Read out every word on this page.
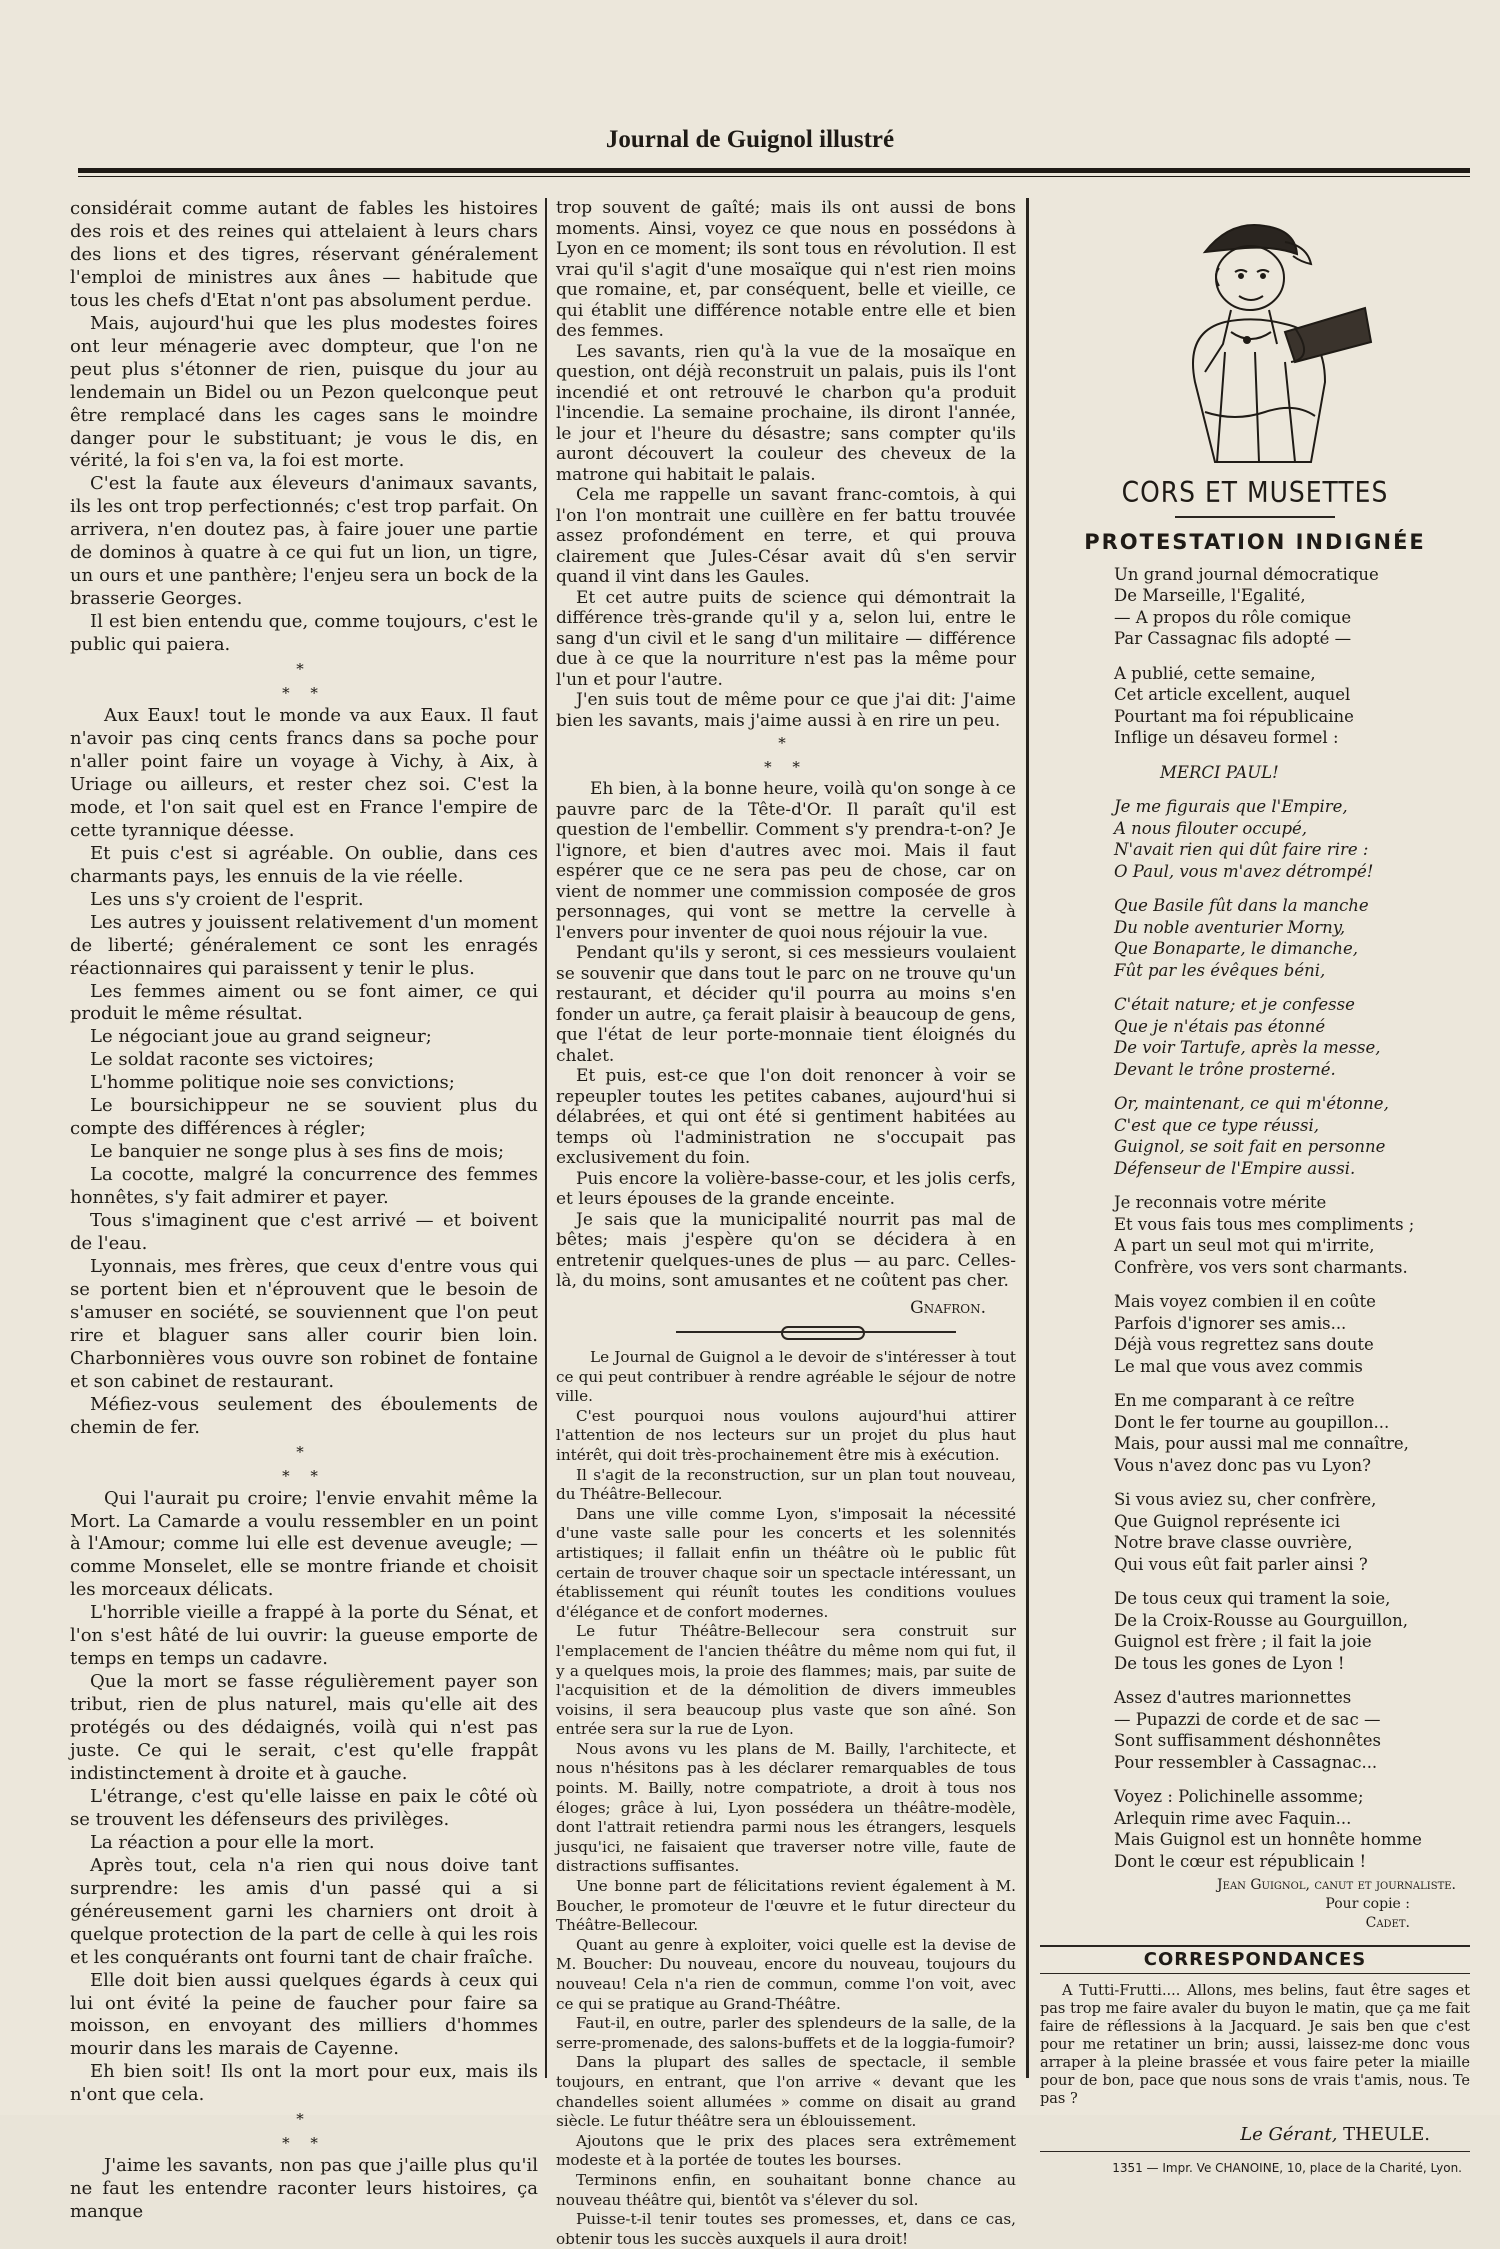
Journal de Guignol illustré

considérait comme autant de fables les histoires des rois et des reines qui attelaient à leurs chars des lions et des tigres, réservant généralement l'emploi de ministres aux ânes — habitude que tous les chefs d'Etat n'ont pas absolument perdue.

Mais, aujourd'hui que les plus modestes foires ont leur ménagerie avec dompteur, que l'on ne peut plus s'étonner de rien, puisque du jour au lendemain un Bidel ou un Pezon quelconque peut être remplacé dans les cages sans le moindre danger pour le substituant; je vous le dis, en vérité, la foi s'en va, la foi est morte.

C'est la faute aux éleveurs d'animaux savants, ils les ont trop perfectionnés; c'est trop parfait. On arrivera, n'en doutez pas, à faire jouer une partie de dominos à quatre à ce qui fut un lion, un tigre, un ours et une panthère; l'enjeu sera un bock de la brasserie Georges.

Il est bien entendu que, comme toujours, c'est le public qui paiera.

*
* *

Aux Eaux! tout le monde va aux Eaux. Il faut n'avoir pas cinq cents francs dans sa poche pour n'aller point faire un voyage à Vichy, à Aix, à Uriage ou ailleurs, et rester chez soi. C'est la mode, et l'on sait quel est en France l'empire de cette tyrannique déesse.

Et puis c'est si agréable. On oublie, dans ces charmants pays, les ennuis de la vie réelle.

Les uns s'y croient de l'esprit.

Les autres y jouissent relativement d'un moment de liberté; généralement ce sont les enragés réactionnaires qui paraissent y tenir le plus.

Les femmes aiment ou se font aimer, ce qui produit le même résultat.

Le négociant joue au grand seigneur;

Le soldat raconte ses victoires;

L'homme politique noie ses convictions;

Le boursichippeur ne se souvient plus du compte des différences à régler;

Le banquier ne songe plus à ses fins de mois;

La cocotte, malgré la concurrence des femmes honnêtes, s'y fait admirer et payer.

Tous s'imaginent que c'est arrivé — et boivent de l'eau.

Lyonnais, mes frères, que ceux d'entre vous qui se portent bien et n'éprouvent que le besoin de s'amuser en société, se souviennent que l'on peut rire et blaguer sans aller courir bien loin. Charbonnières vous ouvre son robinet de fontaine et son cabinet de restaurant.

Méfiez-vous seulement des éboulements de chemin de fer.

*
* *

Qui l'aurait pu croire; l'envie envahit même la Mort. La Camarde a voulu ressembler en un point à l'Amour; comme lui elle est devenue aveugle; — comme Monselet, elle se montre friande et choisit les morceaux délicats.

L'horrible vieille a frappé à la porte du Sénat, et l'on s'est hâté de lui ouvrir: la gueuse emporte de temps en temps un cadavre.

Que la mort se fasse régulièrement payer son tribut, rien de plus naturel, mais qu'elle ait des protégés ou des dédaignés, voilà qui n'est pas juste. Ce qui le serait, c'est qu'elle frappât indistinctement à droite et à gauche.

L'étrange, c'est qu'elle laisse en paix le côté où se trouvent les défenseurs des privilèges.

La réaction a pour elle la mort.

Après tout, cela n'a rien qui nous doive tant surprendre: les amis d'un passé qui a si généreusement garni les charniers ont droit à quelque protection de la part de celle à qui les rois et les conquérants ont fourni tant de chair fraîche.

Elle doit bien aussi quelques égards à ceux qui lui ont évité la peine de faucher pour faire sa moisson, en envoyant des milliers d'hommes mourir dans les marais de Cayenne.

Eh bien soit! Ils ont la mort pour eux, mais ils n'ont que cela.

*
* *

J'aime les savants, non pas que j'aille plus qu'il ne faut les entendre raconter leurs histoires, ça manque

trop souvent de gaîté; mais ils ont aussi de bons moments. Ainsi, voyez ce que nous en possédons à Lyon en ce moment; ils sont tous en révolution. Il est vrai qu'il s'agit d'une mosaïque qui n'est rien moins que romaine, et, par conséquent, belle et vieille, ce qui établit une différence notable entre elle et bien des femmes.

Les savants, rien qu'à la vue de la mosaïque en question, ont déjà reconstruit un palais, puis ils l'ont incendié et ont retrouvé le charbon qu'a produit l'incendie. La semaine prochaine, ils diront l'année, le jour et l'heure du désastre; sans compter qu'ils auront découvert la couleur des cheveux de la matrone qui habitait le palais.

Cela me rappelle un savant franc-comtois, à qui l'on l'on montrait une cuillère en fer battu trouvée assez profondément en terre, et qui prouva clairement que Jules-César avait dû s'en servir quand il vint dans les Gaules.

Et cet autre puits de science qui démontrait la différence très-grande qu'il y a, selon lui, entre le sang d'un civil et le sang d'un militaire — différence due à ce que la nourriture n'est pas la même pour l'un et pour l'autre.

J'en suis tout de même pour ce que j'ai dit: J'aime bien les savants, mais j'aime aussi à en rire un peu.

*
* *

Eh bien, à la bonne heure, voilà qu'on songe à ce pauvre parc de la Tête-d'Or. Il paraît qu'il est question de l'embellir. Comment s'y prendra-t-on? Je l'ignore, et bien d'autres avec moi. Mais il faut espérer que ce ne sera pas peu de chose, car on vient de nommer une commission composée de gros personnages, qui vont se mettre la cervelle à l'envers pour inventer de quoi nous réjouir la vue.

Pendant qu'ils y seront, si ces messieurs voulaient se souvenir que dans tout le parc on ne trouve qu'un restaurant, et décider qu'il pourra au moins s'en fonder un autre, ça ferait plaisir à beaucoup de gens, que l'état de leur porte-monnaie tient éloignés du chalet.

Et puis, est-ce que l'on doit renoncer à voir se repeupler toutes les petites cabanes, aujourd'hui si délabrées, et qui ont été si gentiment habitées au temps où l'administration ne s'occupait pas exclusivement du foin.

Puis encore la volière-basse-cour, et les jolis cerfs, et leurs épouses de la grande enceinte.

Je sais que la municipalité nourrit pas mal de bêtes; mais j'espère qu'on se décidera à en entretenir quelques-unes de plus — au parc. Celles-là, du moins, sont amusantes et ne coûtent pas cher.

Gnafron.

Le Journal de Guignol a le devoir de s'intéresser à tout ce qui peut contribuer à rendre agréable le séjour de notre ville.

C'est pourquoi nous voulons aujourd'hui attirer l'attention de nos lecteurs sur un projet du plus haut intérêt, qui doit très-prochainement être mis à exécution.

Il s'agit de la reconstruction, sur un plan tout nouveau, du Théâtre-Bellecour.

Dans une ville comme Lyon, s'imposait la nécessité d'une vaste salle pour les concerts et les solennités artistiques; il fallait enfin un théâtre où le public fût certain de trouver chaque soir un spectacle intéressant, un établissement qui réunît toutes les conditions voulues d'élégance et de confort modernes.

Le futur Théâtre-Bellecour sera construit sur l'emplacement de l'ancien théâtre du même nom qui fut, il y a quelques mois, la proie des flammes; mais, par suite de l'acquisition et de la démolition de divers immeubles voisins, il sera beaucoup plus vaste que son aîné. Son entrée sera sur la rue de Lyon.

Nous avons vu les plans de M. Bailly, l'architecte, et nous n'hésitons pas à les déclarer remarquables de tous points. M. Bailly, notre compatriote, a droit à tous nos éloges; grâce à lui, Lyon possédera un théâtre-modèle, dont l'attrait retiendra parmi nous les étrangers, lesquels jusqu'ici, ne faisaient que traverser notre ville, faute de distractions suffisantes.

Une bonne part de félicitations revient également à M. Boucher, le promoteur de l'œuvre et le futur directeur du Théâtre-Bellecour.

Quant au genre à exploiter, voici quelle est la devise de M. Boucher: Du nouveau, encore du nouveau, toujours du nouveau! Cela n'a rien de commun, comme l'on voit, avec ce qui se pratique au Grand-Théâtre.

Faut-il, en outre, parler des splendeurs de la salle, de la serre-promenade, des salons-buffets et de la loggia-fumoir?

Dans la plupart des salles de spectacle, il semble toujours, en entrant, que l'on arrive « devant que les chandelles soient allumées » comme on disait au grand siècle. Le futur théâtre sera un éblouissement.

Ajoutons que le prix des places sera extrêmement modeste et à la portée de toutes les bourses.

Terminons enfin, en souhaitant bonne chance au nouveau théâtre qui, bientôt va s'élever du sol.

Puisse-t-il tenir toutes ses promesses, et, dans ce cas, obtenir tous les succès auxquels il aura droit!

CORS ET MUSETTES
PROTESTATION INDIGNÉE
Un grand journal démocratique
De Marseille, l'Egalité,
— A propos du rôle comique
Par Cassagnac fils adopté —
A publié, cette semaine,
Cet article excellent, auquel
Pourtant ma foi républicaine
Inflige un désaveu formel :
MERCI PAUL!
Je me figurais que l'Empire,
A nous filouter occupé,
N'avait rien qui dût faire rire :
O Paul, vous m'avez détrompé!
Que Basile fût dans la manche
Du noble aventurier Morny,
Que Bonaparte, le dimanche,
Fût par les évêques béni,
C'était nature; et je confesse
Que je n'étais pas étonné
De voir Tartufe, après la messe,
Devant le trône prosterné.
Or, maintenant, ce qui m'étonne,
C'est que ce type réussi,
Guignol, se soit fait en personne
Défenseur de l'Empire aussi.
Je reconnais votre mérite
Et vous fais tous mes compliments ;
A part un seul mot qui m'irrite,
Confrère, vos vers sont charmants.
Mais voyez combien il en coûte
Parfois d'ignorer ses amis...
Déjà vous regrettez sans doute
Le mal que vous avez commis
En me comparant à ce reître
Dont le fer tourne au goupillon...
Mais, pour aussi mal me connaître,
Vous n'avez donc pas vu Lyon?
Si vous aviez su, cher confrère,
Que Guignol représente ici
Notre brave classe ouvrière,
Qui vous eût fait parler ainsi ?
De tous ceux qui trament la soie,
De la Croix-Rousse au Gourguillon,
Guignol est frère ; il fait la joie
De tous les gones de Lyon !
Assez d'autres marionnettes
— Pupazzi de corde et de sac —
Sont suffisamment déshonnêtes
Pour ressembler à Cassagnac...
Voyez : Polichinelle assomme;
Arlequin rime avec Faquin...
Mais Guignol est un honnête homme
Dont le cœur est républicain !
Jean Guignol, canut et journaliste.
Pour copie :
Cadet.
CORRESPONDANCES

A Tutti-Frutti.... Allons, mes belins, faut être sages et pas trop me faire avaler du buyon le matin, que ça me fait faire de réflessions à la Jacquard. Je sais ben que c'est pour me retatiner un brin; aussi, laissez-me donc vous arraper à la pleine brassée et vous faire peter la miaille pour de bon, pace que nous sons de vrais t'amis, nous. Te pas ?

Le Gérant, THEULE.
1351 — Impr. Ve CHANOINE, 10, place de la Charité, Lyon.
